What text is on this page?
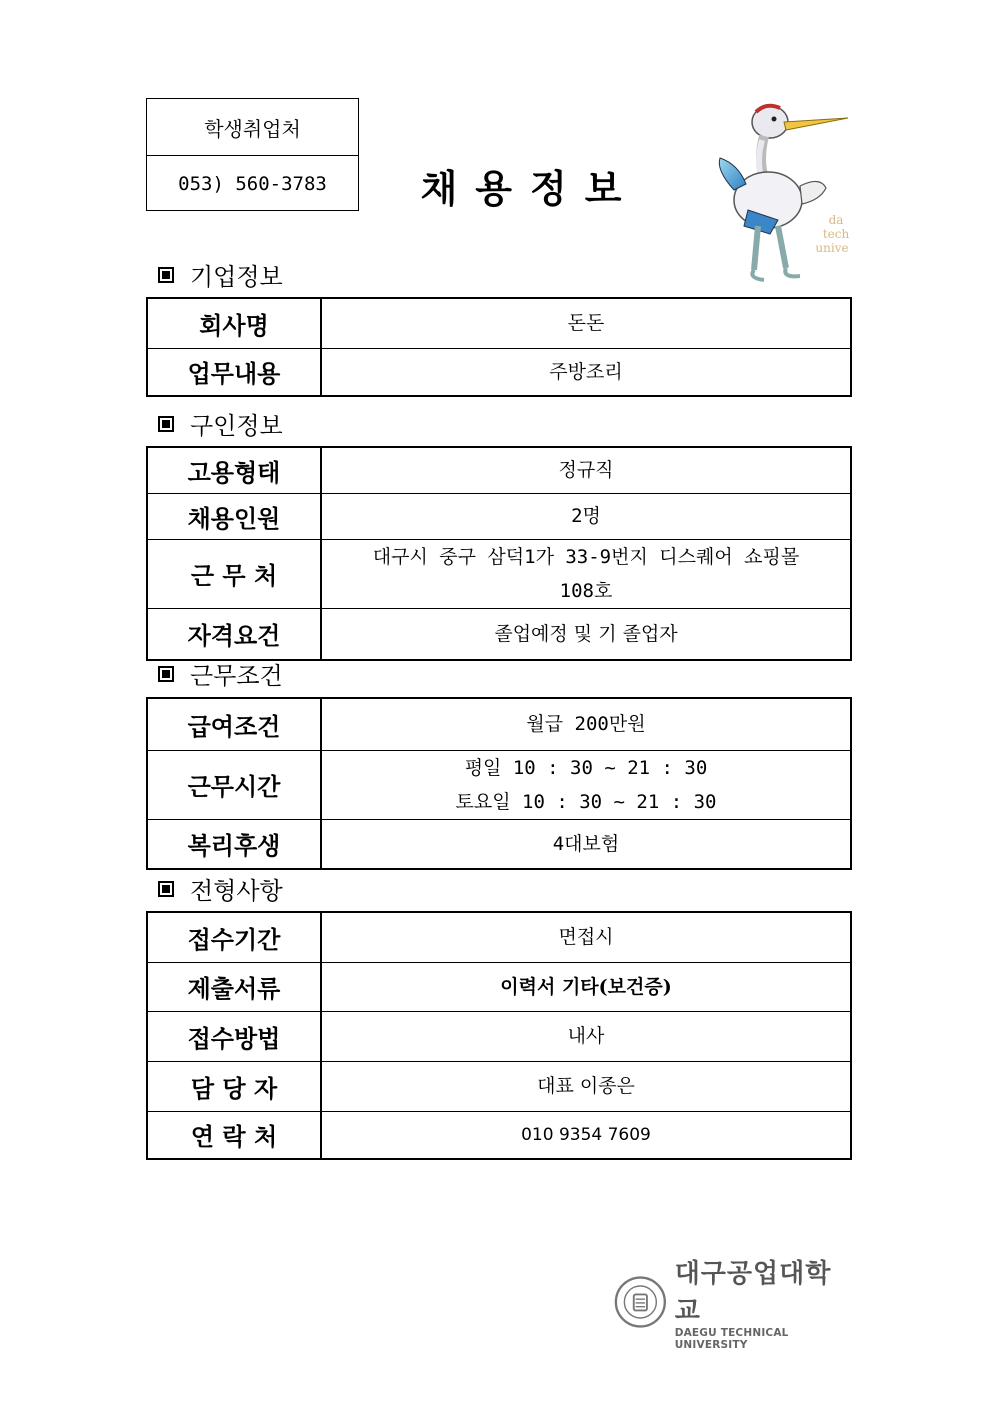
학생취업처
053) 560-3783	채용정보
da
tech
unive
기업정보
회사명	돈돈
업무내용	주방조리
구인정보
고용형태	정규직
채용인원	2명
근 무 처	대구시 중구 삼덕1가 33-9번지 디스퀘어 쇼핑몰
108호

자격요건	졸업예정 및 기 졸업자
근무조건
급여조건	월급 200만원
근무시간	평일 10 : 30 ~ 21 : 30
토요일 10 : 30 ~ 21 : 30

복리후생	4대보험
전형사항
접수기간	면접시
제출서류	이력서 기타(보건증)
접수방법	내사
담 당 자	대표 이종은
연 락 처	010 9354 7609
대구공업대학교
DAEGU TECHNICAL UNIVERSITY
